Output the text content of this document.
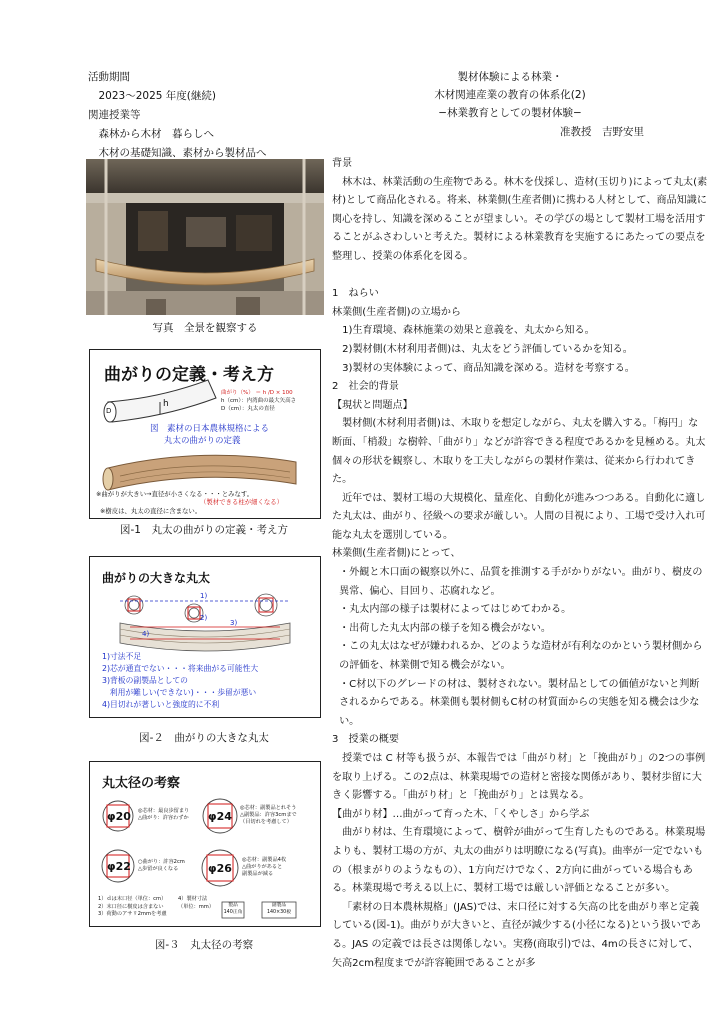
活動期間
　2023～2025 年度(継続)
関連授業等
　森林から木材　暮らしへ
　木材の基礎知識、素材から製材品へ
製材体験による林業・
木材関連産業の教育の体系化(2)
−林業教育としての製材体験−
准教授　吉野安里
写真　全景を観察する
曲がりの定義・考え方
D
h
曲がり（%） ＝ h /D × 100
h（cm）：内湾曲の最大矢高さ
D（cm）：丸太の直径
図　素材の日本農林規格による
丸太の曲がりの定義
※曲がりが大きい→直径が小さくなる・・・とみなす。
（製材できる柱が細くなる）
※樹皮は、丸太の直径に含まない。
図-1　丸太の曲がりの定義・考え方
曲がりの大きな丸太
1)
2)
3)
4)
1)寸法不足
2)芯が通直でない・・・将来曲がる可能性大
3)背板の副製品としての
　利用が難しい(できない)・・・歩留が悪い
4)目切れが著しいと強度的に不利
図-２　曲がりの大きな丸太
丸太径の考察
φ20	φ24
φ22	φ26
◎芯材：最良歩留まり
△曲がり：許容わずか
◎芯材：副製品とれそう
△副製品：許容3cmまで
（目切れを考慮して）
○曲がり：許容2cm
△歩留が良くなる
◎芯材：副製品4枚
△曲がりがあると
副製品が減る
1）ｄは末口径（単位：cm）
2）末口径に樹皮は含まない
3）荷動のアサリ2mmを考慮
4）製材寸法
（単位：mm）	製品
140正角
副製品
140×30板
図-３　丸太径の考察

背景

林木は、林業活動の生産物である。林木を伐採し、造材(玉切り)によって丸太(素材)として商品化される。将来、林業側(生産者側)に携わる人材として、商品知識に関心を持し、知識を深めることが望ましい。その学びの場として製材工場を活用することがふさわしいと考えた。製材による林業教育を実施するにあたっての要点を整理し、授業の体系化を図る。

1　ねらい

林業側(生産者側)の立場から

1)生育環境、森林施業の効果と意義を、丸太から知る。

2)製材側(木材利用者側)は、丸太をどう評価しているかを知る。

3)製材の実体験によって、商品知識を深める。造材を考察する。

2　社会的背景

【現状と問題点】

製材側(木材利用者側)は、木取りを想定しながら、丸太を購入する。「梅円」な断面、「梢殺」な樹幹、「曲がり」などが許容できる程度であるかを見極める。丸太個々の形状を観察し、木取りを工夫しながらの製材作業は、従来から行われてきた。

近年では、製材工場の大規模化、量産化、自動化が進みつつある。自動化に適した丸太は、曲がり、径級への要求が厳しい。人間の目視により、工場で受け入れ可能な丸太を選別している。

林業側(生産者側)にとって、

・外観と木口面の観察以外に、品質を推測する手がかりがない。曲がり、樹皮の異常、偏心、目回り、芯腐れなど。

・丸太内部の様子は製材によってはじめてわかる。

・出荷した丸太内部の様子を知る機会がない。

・この丸太はなぜが嫌われるか、どのような造材が有利なのかという製材側からの評価を、林業側で知る機会がない。

・C材以下のグレードの材は、製材されない。製材品としての価値がないと判断されるからである。林業側も製材側もC材の材質面からの実態を知る機会は少ない。

3　授業の概要

授業では C 材等も扱うが、本報告では「曲がり材」と「挽曲がり」の2つの事例を取り上げる。この2点は、林業現場での造材と密接な関係があり、製材歩留に大きく影響する。「曲がり材」と「挽曲がり」とは異なる。

【曲がり材】…曲がって育った木、「くやしさ」から学ぶ

曲がり材は、生育環境によって、樹幹が曲がって生育したものである。林業現場よりも、製材工場の方が、丸太の曲がりは明瞭になる(写真)。曲率が一定でないもの（根まがりのようなもの）、1方向だけでなく、2方向に曲がっている場合もある。林業現場で考える以上に、製材工場では厳しい評価となることが多い。

「素材の日本農林規格」(JAS)では、末口径に対する矢高の比を曲がり率と定義している(図-1)。曲がりが大きいと、直径が減少する(小径になる)という扱いである。JAS の定義では長さは関係しない。実務(商取引)では、4mの長さに対して、矢高2cm程度までが許容範囲であることが多
